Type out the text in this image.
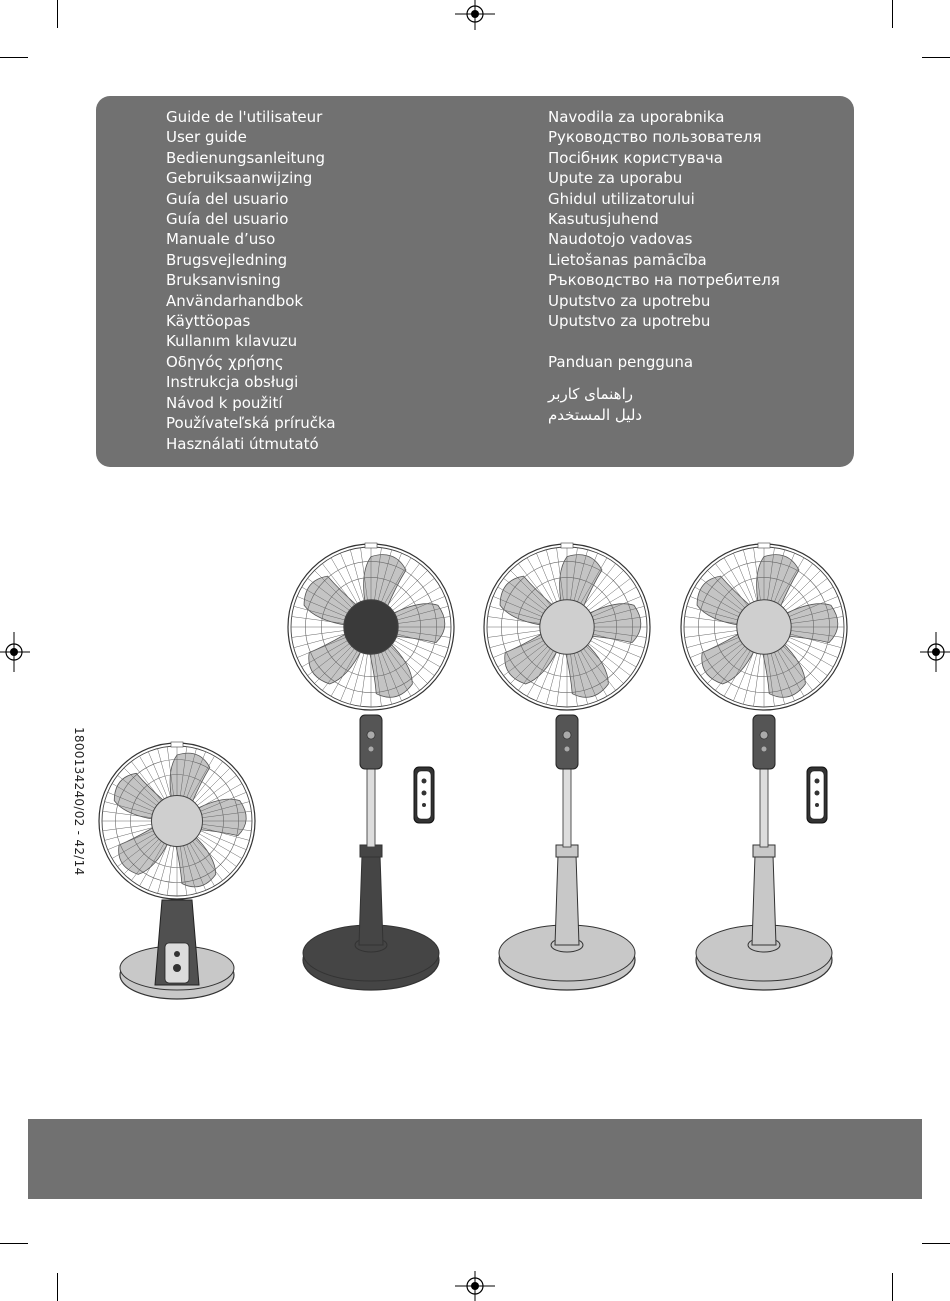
Guide de l'utilisateur
User guide
Bedienungsanleitung
Gebruiksaanwijzing
Guía del usuario
Guía del usuario
Manuale d’uso
Brugsvejledning
Bruksanvisning
Användarhandbok
Käyttöopas
Kullanım kılavuzu
Οδηγός χρήσης
Instrukcja obsługi
Návod k použití
Používateľská príručka
Használati útmutató
Navodila za uporabnika
Руководство пользователя
Посібник користувача
Upute za uporabu
Ghidul utilizatorului
Kasutusjuhend
Naudotojo vadovas
Lietošanas pamācība
Ръководство на потребителя
Uputstvo za upotrebu
Uputstvo za upotrebu
Panduan pengguna
راهنمای کاربر
دليل المستخدم
1800134240/02 - 42/14
